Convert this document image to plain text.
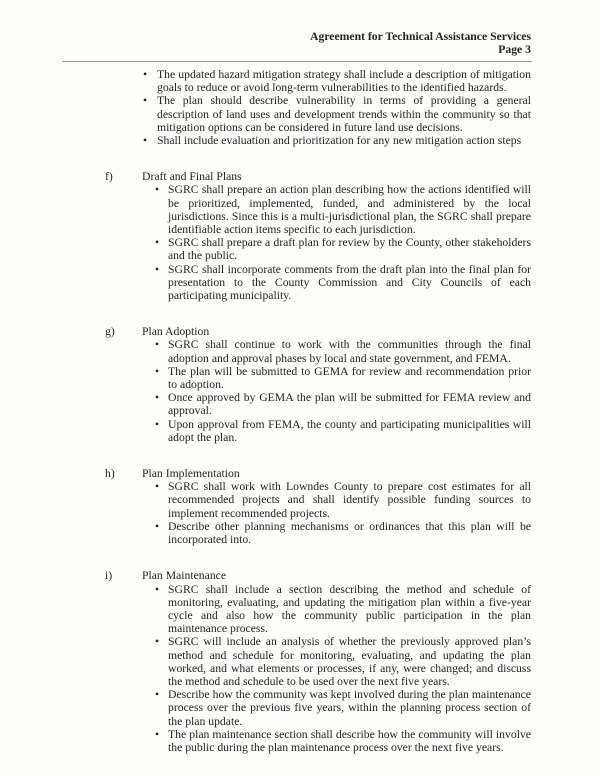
Agreement for Technical Assistance Services
Page 3
• The updated hazard mitigation strategy shall include a description of mitigation goals to reduce or avoid long-term vulnerabilities to the identified hazards.
• The plan should describe vulnerability in terms of providing a general description of land uses and development trends within the community so that mitigation options can be considered in future land use decisions.
• Shall include evaluation and prioritization for any new mitigation action steps
f) Draft and Final Plans
• SGRC shall prepare an action plan describing how the actions identified will be prioritized, implemented, funded, and administered by the local jurisdictions. Since this is a multi-jurisdictional plan, the SGRC shall prepare identifiable action items specific to each jurisdiction.
• SGRC shall prepare a draft plan for review by the County, other stakeholders and the public.
• SGRC shall incorporate comments from the draft plan into the final plan for presentation to the County Commission and City Councils of each participating municipality.
g) Plan Adoption
• SGRC shall continue to work with the communities through the final adoption and approval phases by local and state government, and FEMA.
• The plan will be submitted to GEMA for review and recommendation prior to adoption.
• Once approved by GEMA the plan will be submitted for FEMA review and approval.
• Upon approval from FEMA, the county and participating municipalities will adopt the plan.
h) Plan Implementation
• SGRC shall work with Lowndes County to prepare cost estimates for all recommended projects and shall identify possible funding sources to implement recommended projects.
• Describe other planning mechanisms or ordinances that this plan will be incorporated into.
i)	Plan Maintenance
• SGRC shall include a section describing the method and schedule of monitoring, evaluating, and updating the mitigation plan within a five-year cycle and also how the community public participation in the plan maintenance process.
• SGRC will include an analysis of whether the previously approved plan’s method and schedule for monitoring, evaluating, and updating the plan worked, and what elements or processes, if any, were changed; and discuss the method and schedule to be used over the next five years.
• Describe how the community was kept involved during the plan maintenance process over the previous five years, within the planning process section of the plan update.
• The plan maintenance section shall describe how the community will involve the public during the plan maintenance process over the next five years.
